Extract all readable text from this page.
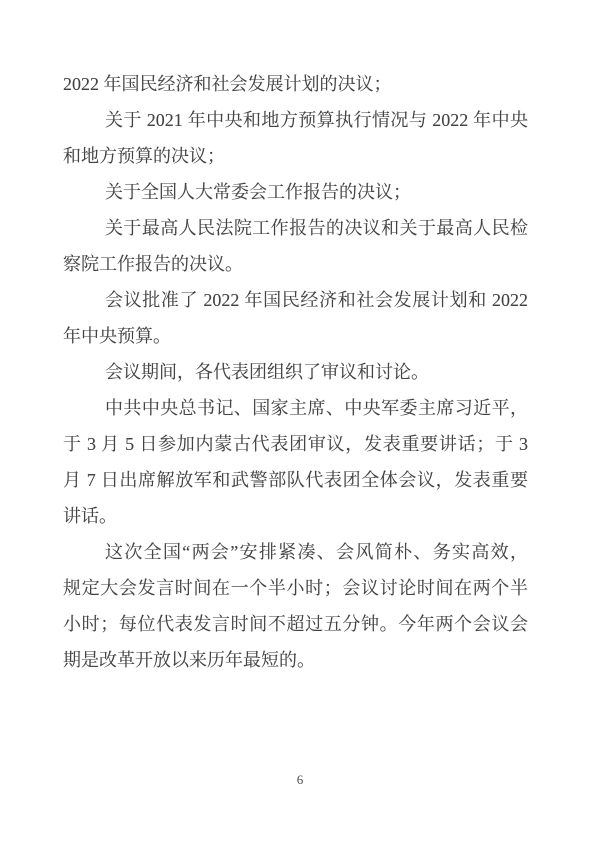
2022 年国民经济和社会发展计划的决议；
关于 2021 年中央和地方预算执行情况与 2022 年中央
和地方预算的决议；
关于全国人大常委会工作报告的决议；
关于最高人民法院工作报告的决议和关于最高人民检
察院工作报告的决议。
会议批准了 2022 年国民经济和社会发展计划和 2022
年中央预算。
会议期间，各代表团组织了审议和讨论。
中共中央总书记、国家主席、中央军委主席习近平，
于 3 月 5 日参加内蒙古代表团审议，发表重要讲话；于 3
月 7 日出席解放军和武警部队代表团全体会议，发表重要
讲话。
这次全国“两会”安排紧凑、会风简朴、务实高效，
规定大会发言时间在一个半小时；会议讨论时间在两个半
小时；每位代表发言时间不超过五分钟。今年两个会议会
期是改革开放以来历年最短的。
6
